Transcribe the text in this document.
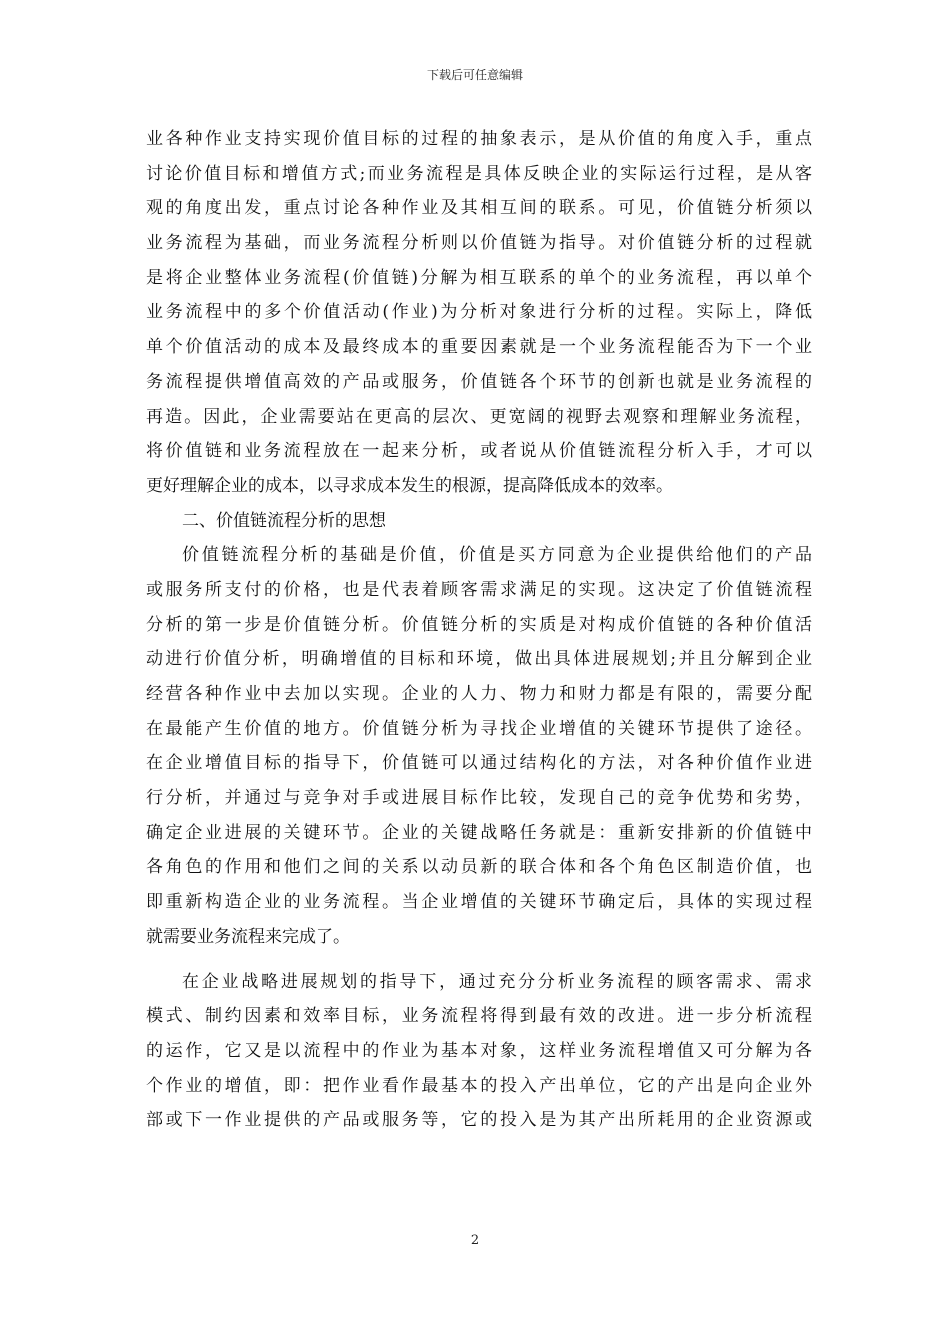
下载后可任意编辑
业各种作业支持实现价值目标的过程的抽象表示，是从价值的角度入手，重点
讨论价值目标和增值方式;而业务流程是具体反映企业的实际运行过程，是从客
观的角度出发，重点讨论各种作业及其相互间的联系。可见，价值链分析须以
业务流程为基础，而业务流程分析则以价值链为指导。对价值链分析的过程就
是将企业整体业务流程(价值链)分解为相互联系的单个的业务流程，再以单个
业务流程中的多个价值活动(作业)为分析对象进行分析的过程。实际上，降低
单个价值活动的成本及最终成本的重要因素就是一个业务流程能否为下一个业
务流程提供增值高效的产品或服务，价值链各个环节的创新也就是业务流程的
再造。因此，企业需要站在更高的层次、更宽阔的视野去观察和理解业务流程，
将价值链和业务流程放在一起来分析，或者说从价值链流程分析入手，才可以
更好理解企业的成本，以寻求成本发生的根源，提高降低成本的效率。
二、价值链流程分析的思想
价值链流程分析的基础是价值，价值是买方同意为企业提供给他们的产品
或服务所支付的价格，也是代表着顾客需求满足的实现。这决定了价值链流程
分析的第一步是价值链分析。价值链分析的实质是对构成价值链的各种价值活
动进行价值分析，明确增值的目标和环境，做出具体进展规划;并且分解到企业
经营各种作业中去加以实现。企业的人力、物力和财力都是有限的，需要分配
在最能产生价值的地方。价值链分析为寻找企业增值的关键环节提供了途径。
在企业增值目标的指导下，价值链可以通过结构化的方法，对各种价值作业进
行分析，并通过与竞争对手或进展目标作比较，发现自己的竞争优势和劣势，
确定企业进展的关键环节。企业的关键战略任务就是：重新安排新的价值链中
各角色的作用和他们之间的关系以动员新的联合体和各个角色区制造价值，也
即重新构造企业的业务流程。当企业增值的关键环节确定后，具体的实现过程
就需要业务流程来完成了。
在企业战略进展规划的指导下，通过充分分析业务流程的顾客需求、需求
模式、制约因素和效率目标，业务流程将得到最有效的改进。进一步分析流程
的运作，它又是以流程中的作业为基本对象，这样业务流程增值又可分解为各
个作业的增值，即：把作业看作最基本的投入产出单位，它的产出是向企业外
部或下一作业提供的产品或服务等，它的投入是为其产出所耗用的企业资源或
2
